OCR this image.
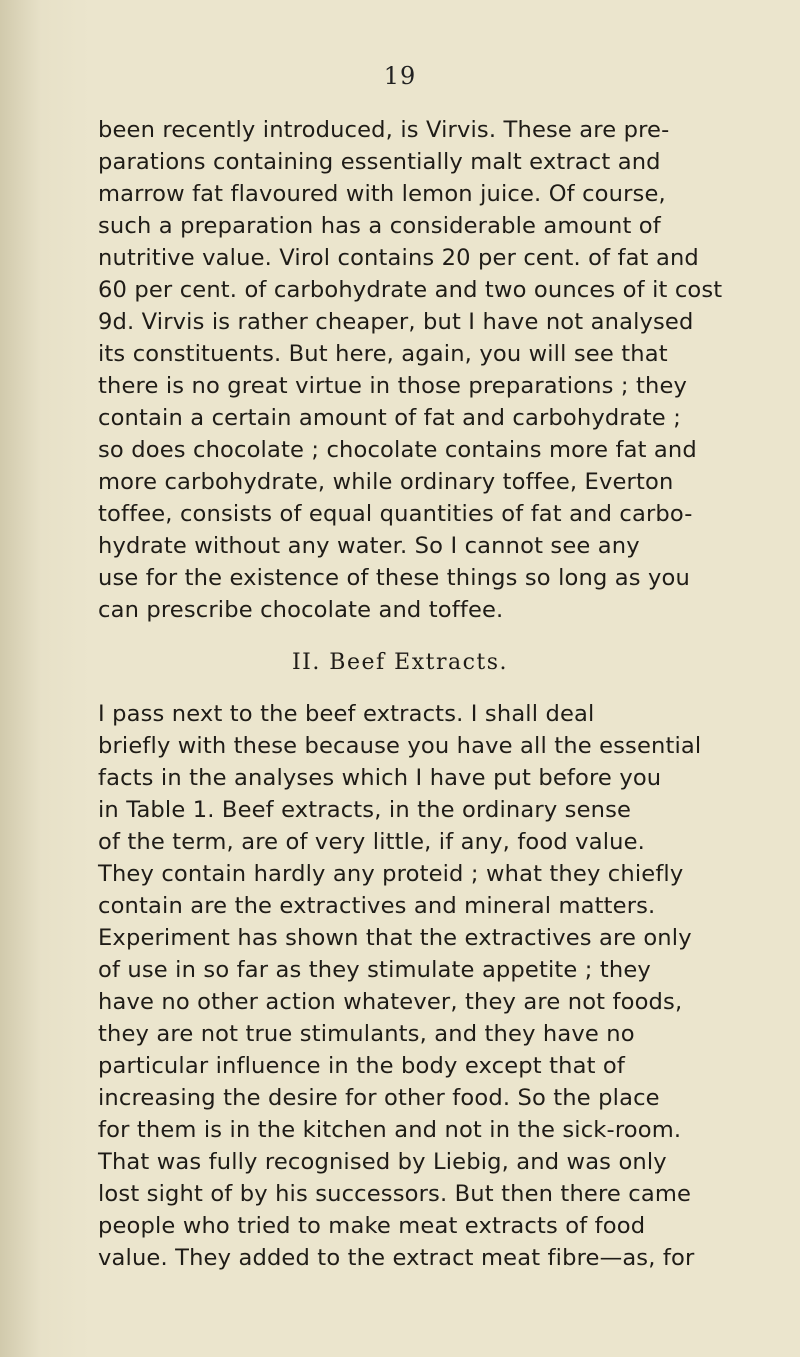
19
been recently introduced, is Virvis. These are pre-
parations containing essentially malt extract and
marrow fat flavoured with lemon juice. Of course,
such a preparation has a considerable amount of
nutritive value. Virol contains 20 per cent. of fat and
60 per cent. of carbohydrate and two ounces of it cost
9d. Virvis is rather cheaper, but I have not analysed
its constituents. But here, again, you will see that
there is no great virtue in those preparations ; they
contain a certain amount of fat and carbohydrate ;
so does chocolate ; chocolate contains more fat and
more carbohydrate, while ordinary toffee, Everton
toffee, consists of equal quantities of fat and carbo-
hydrate without any water. So I cannot see any
use for the existence of these things so long as you
can prescribe chocolate and toffee.
II. Beef Extracts.
I pass next to the beef extracts. I shall deal
briefly with these because you have all the essential
facts in the analyses which I have put before you
in Table 1. Beef extracts, in the ordinary sense
of the term, are of very little, if any, food value.
They contain hardly any proteid ; what they chiefly
contain are the extractives and mineral matters.
Experiment has shown that the extractives are only
of use in so far as they stimulate appetite ; they
have no other action whatever, they are not foods,
they are not true stimulants, and they have no
particular influence in the body except that of
increasing the desire for other food. So the place
for them is in the kitchen and not in the sick-room.
That was fully recognised by Liebig, and was only
lost sight of by his successors. But then there came
people who tried to make meat extracts of food
value. They added to the extract meat fibre—as, for
